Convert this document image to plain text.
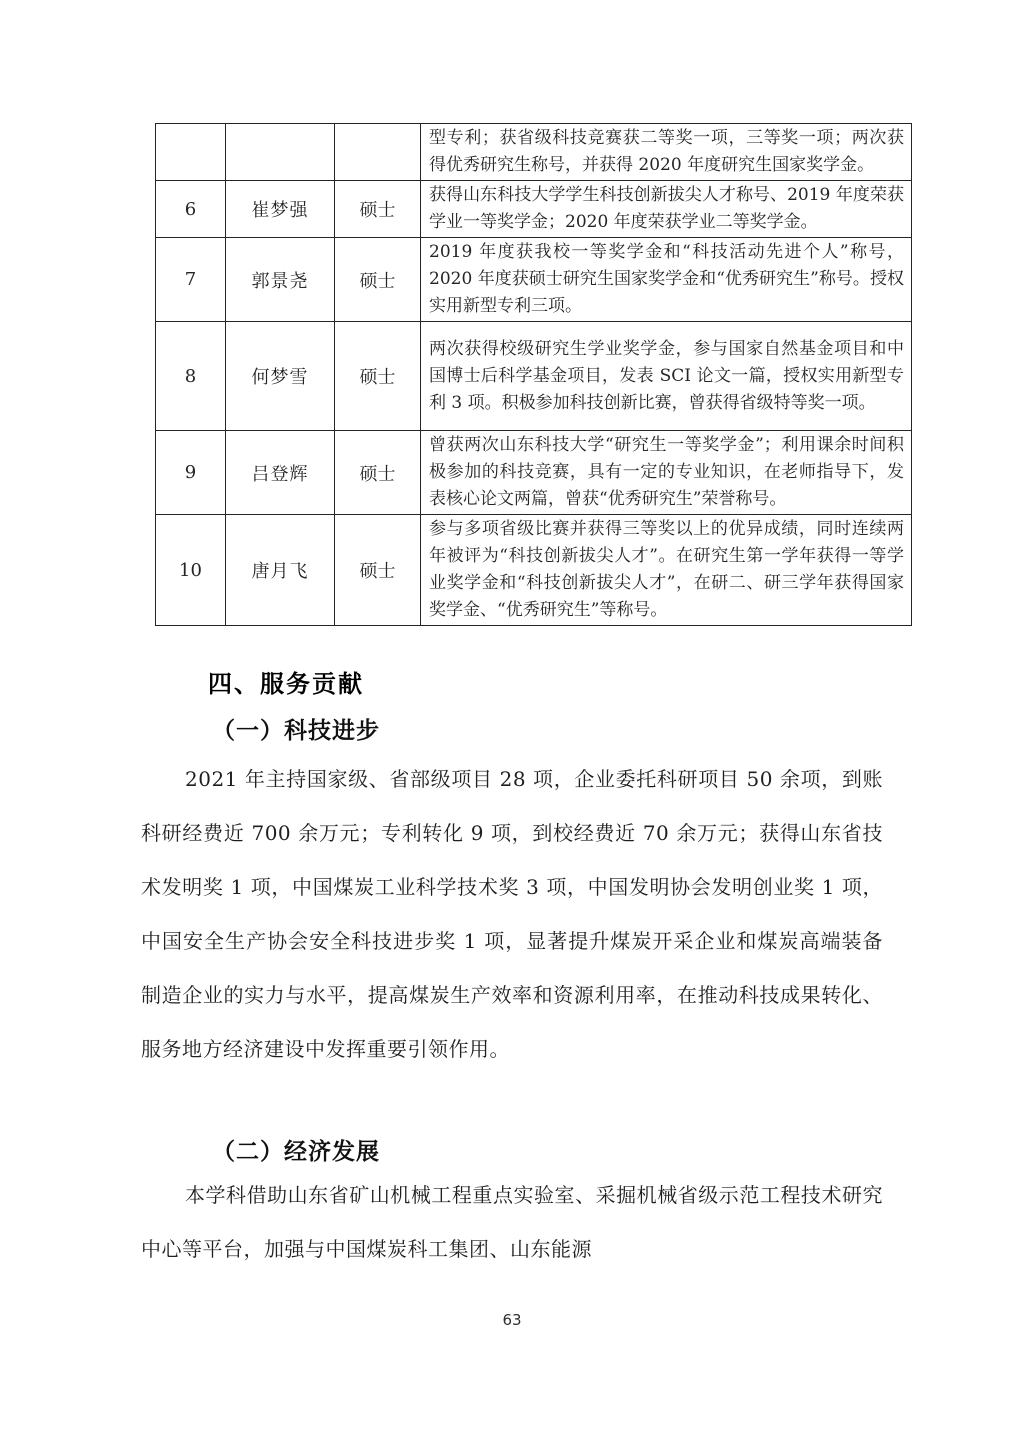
			型专利；获省级科技竞赛获二等奖一项，三等奖一项；两次获得优秀研究生称号，并获得 2020 年度研究生国家奖学金。
6	崔梦强	硕士	获得山东科技大学学生科技创新拔尖人才称号、2019 年度荣获学业一等奖学金；2020 年度荣获学业二等奖学金。
7	郭景尧	硕士	2019 年度获我校一等奖学金和“科技活动先进个人”称号，2020 年度获硕士研究生国家奖学金和“优秀研究生”称号。授权实用新型专利三项。
8	何梦雪	硕士	两次获得校级研究生学业奖学金，参与国家自然基金项目和中国博士后科学基金项目，发表 SCI 论文一篇，授权实用新型专利 3 项。积极参加科技创新比赛，曾获得省级特等奖一项。
9	吕登辉	硕士	曾获两次山东科技大学“研究生一等奖学金”；利用课余时间积极参加的科技竞赛，具有一定的专业知识，在老师指导下，发表核心论文两篇，曾获“优秀研究生”荣誉称号。
10	唐月飞	硕士	参与多项省级比赛并获得三等奖以上的优异成绩，同时连续两年被评为“科技创新拔尖人才”。在研究生第一学年获得一等学业奖学金和“科技创新拔尖人才”，在研二、研三学年获得国家奖学金、“优秀研究生”等称号。
四、服务贡献
（一）科技进步

2021 年主持国家级、省部级项目 28 项，企业委托科研项目 50 余项，到账科研经费近 700 余万元；专利转化 9 项，到校经费近 70 余万元；获得山东省技术发明奖 1 项，中国煤炭工业科学技术奖 3 项，中国发明协会发明创业奖 1 项，中国安全生产协会安全科技进步奖 1 项，显著提升煤炭开采企业和煤炭高端装备制造企业的实力与水平，提高煤炭生产效率和资源利用率，在推动科技成果转化、服务地方经济建设中发挥重要引领作用。

（二）经济发展

本学科借助山东省矿山机械工程重点实验室、采掘机械省级示范工程技术研究中心等平台，加强与中国煤炭科工集团、山东能源

63
